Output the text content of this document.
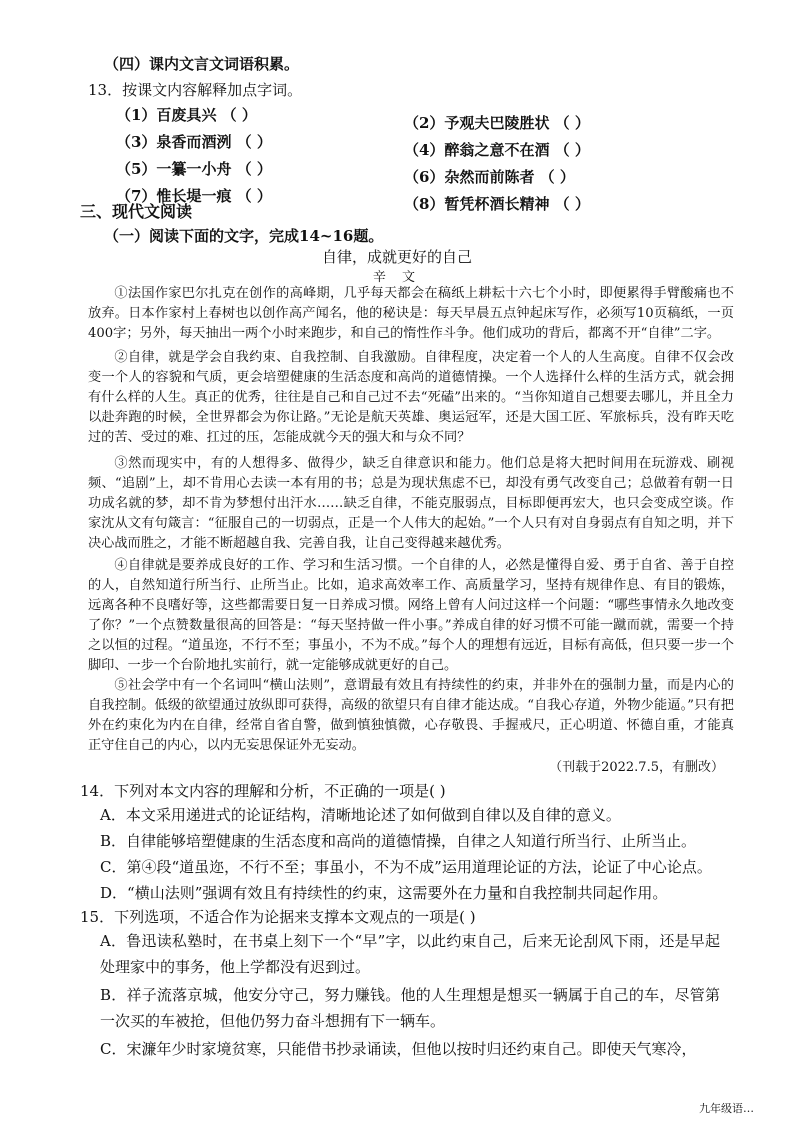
（四）课内文言文词语积累。
13．按课文内容解释加点字词。
（1）百废具兴 （ ）
（3）泉香而酒洌 （ ）
（5）一纂一小舟 （ ）
（7）惟长堤一痕 （ ）
（2）予观夫巴陵胜状 （ ）
（4）醉翁之意不在酒 （ ）
（6）杂然而前陈者 （ ）
（8）暂凭杯酒长精神 （ ）
三、现代文阅读
（一）阅读下面的文字，完成14~16题。
自律，成就更好的自己
辛 文
①法国作家巴尔扎克在创作的高峰期，几乎每天都会在稿纸上耕耘十六七个小时，即便累得手臂酸痛也不放弃。日本作家村上春树也以创作高产闻名，他的秘诀是：每天早晨五点钟起床写作，必须写10页稿纸，一页400字；另外，每天抽出一两个小时来跑步，和自己的惰性作斗争。他们成功的背后，都离不开“自律”二字。
②自律，就是学会自我约束、自我控制、自我激励。自律程度，决定着一个人的人生高度。自律不仅会改变一个人的容貌和气质，更会培塑健康的生活态度和高尚的道德情操。一个人选择什么样的生活方式，就会拥有什么样的人生。真正的优秀，往往是自己和自己过不去“死磕”出来的。“当你知道自己想要去哪儿，并且全力以赴奔跑的时候，全世界都会为你让路。”无论是航天英雄、奥运冠军，还是大国工匠、军旅标兵，没有昨天吃过的苦、受过的难、扛过的压，怎能成就今天的强大和与众不同？
③然而现实中，有的人想得多、做得少，缺乏自律意识和能力。他们总是将大把时间用在玩游戏、刷视频、“追剧”上，却不肯用心去读一本有用的书；总是为现状焦虑不已，却没有勇气改变自己；总做着有朝一日功成名就的梦，却不肯为梦想付出汗水……缺乏自律，不能克服弱点，目标即便再宏大，也只会变成空谈。作家沈从文有句箴言：“征服自己的一切弱点，正是一个人伟大的起始。”一个人只有对自身弱点有自知之明，并下决心战而胜之，才能不断超越自我、完善自我，让自己变得越来越优秀。
④自律就是要养成良好的工作、学习和生活习惯。一个自律的人，必然是懂得自爱、勇于自省、善于自控的人，自然知道行所当行、止所当止。比如，追求高效率工作、高质量学习，坚持有规律作息、有目的锻炼，远离各种不良嗜好等，这些都需要日复一日养成习惯。网络上曾有人问过这样一个问题：“哪些事情永久地改变了你？”一个点赞数量很高的回答是：“每天坚持做一件小事。”养成自律的好习惯不可能一蹴而就，需要一个持之以恒的过程。“道虽迩，不行不至；事虽小，不为不成。”每个人的理想有远近，目标有高低，但只要一步一个脚印、一步一个台阶地扎实前行，就一定能够成就更好的自己。
⑤社会学中有一个名词叫“横山法则”，意谓最有效且有持续性的约束，并非外在的强制力量，而是内心的自我控制。低级的欲望通过放纵即可获得，高级的欲望只有自律才能达成。“自我心存道，外物少能逼。”只有把外在约束化为内在自律，经常自省自警，做到慎独慎微，心存敬畏、手握戒尺，正心明道、怀德自重，才能真正守住自己的内心，以内无妄思保证外无妄动。
（刊载于2022.7.5，有删改）
14．下列对本文内容的理解和分析，不正确的一项是( )
A．本文采用递进式的论证结构，清晰地论述了如何做到自律以及自律的意义。
B．自律能够培塑健康的生活态度和高尚的道德情操，自律之人知道行所当行、止所当止。
C．第④段“道虽迩，不行不至；事虽小，不为不成”运用道理论证的方法，论证了中心论点。
D．“横山法则”强调有效且有持续性的约束，这需要外在力量和自我控制共同起作用。
15．下列选项，不适合作为论据来支撑本文观点的一项是( )
A．鲁迅读私塾时，在书桌上刻下一个“早”字，以此约束自己，后来无论刮风下雨，还是早起处理家中的事务，他上学都没有迟到过。
B．祥子流落京城，他安分守己，努力赚钱。他的人生理想是想买一辆属于自己的车，尽管第一次买的车被抢，但他仍努力奋斗想拥有下一辆车。
C．宋濂年少时家境贫寒，只能借书抄录诵读，但他以按时归还约束自己。即使天气寒冷，
九年级语…
